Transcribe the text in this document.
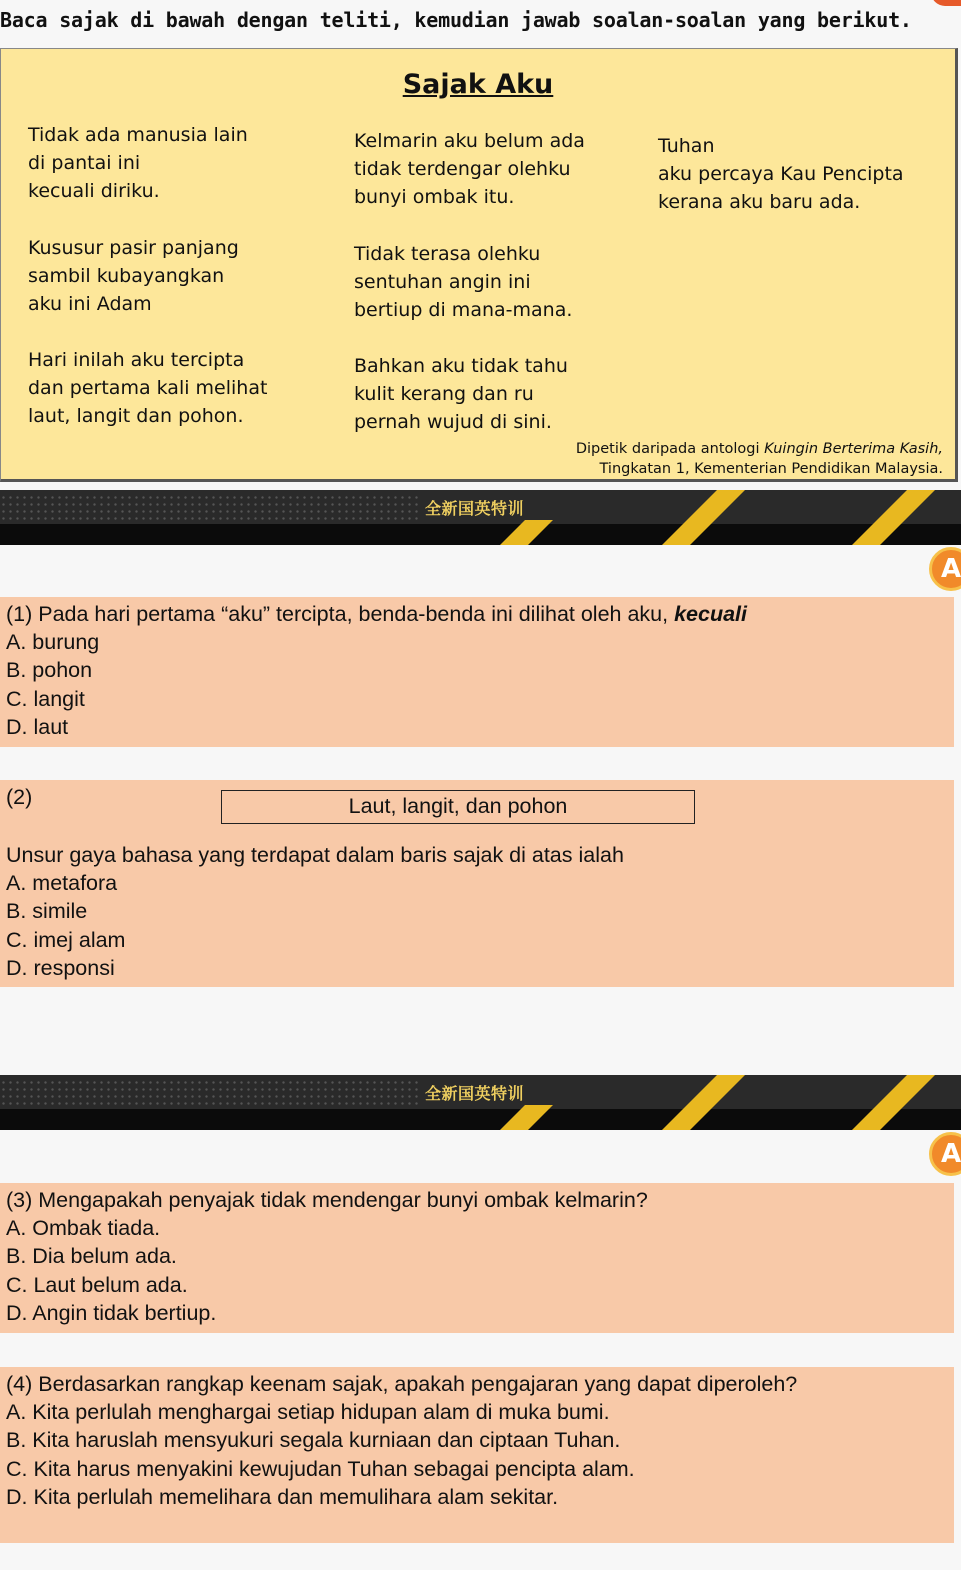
Baca sajak di bawah dengan teliti, kemudian jawab soalan-soalan yang berikut.
Sajak Aku
Tidak ada manusia lain
di pantai ini
kecuali diriku.
Kususur pasir panjang
sambil kubayangkan
aku ini Adam
Hari inilah aku tercipta
dan pertama kali melihat
laut, langit dan pohon.
Kelmarin aku belum ada
tidak terdengar olehku
bunyi ombak itu.
Tidak terasa olehku
sentuhan angin ini
bertiup di mana-mana.
Bahkan aku tidak tahu
kulit kerang dan ru
pernah wujud di sini.
Tuhan
aku percaya Kau Pencipta
kerana aku baru ada.
Dipetik daripada antologi Kuingin Berterima Kasih,
Tingkatan 1, Kementerian Pendidikan Malaysia.
全新国英特训
A
(1) Pada hari pertama “aku” tercipta, benda-benda ini dilihat oleh aku, kecuali
A. burung
B. pohon
C. langit
D. laut
(2)	Laut, langit, dan pohon
Unsur gaya bahasa yang terdapat dalam baris sajak di atas ialah
A. metafora
B. simile
C. imej alam
D. responsi
全新国英特训
A
(3) Mengapakah penyajak tidak mendengar bunyi ombak kelmarin?
A. Ombak tiada.
B. Dia belum ada.
C. Laut belum ada.
D. Angin tidak bertiup.
(4) Berdasarkan rangkap keenam sajak, apakah pengajaran yang dapat diperoleh?
A. Kita perlulah menghargai setiap hidupan alam di muka bumi.
B. Kita haruslah mensyukuri segala kurniaan dan ciptaan Tuhan.
C. Kita harus menyakini kewujudan Tuhan sebagai pencipta alam.
D. Kita perlulah memelihara dan memulihara alam sekitar.
